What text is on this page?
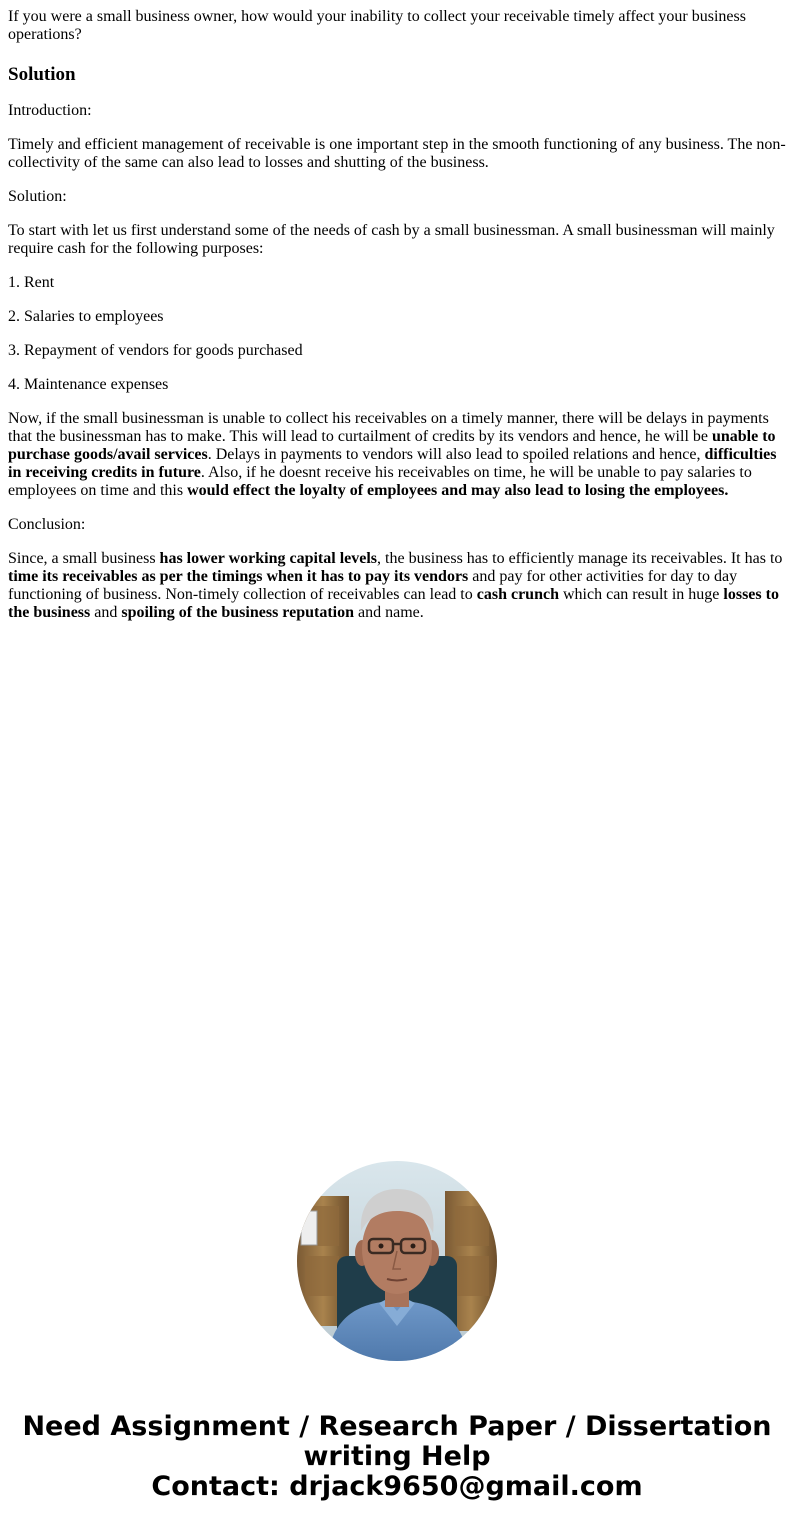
If you were a small business owner, how would your inability to collect your receivable timely affect your business operations?

Solution

Introduction:

Timely and efficient management of receivable is one important step in the smooth functioning of any business. The non-collectivity of the same can also lead to losses and shutting of the business.

Solution:

To start with let us first understand some of the needs of cash by a small businessman. A small businessman will mainly require cash for the following purposes:

1. Rent

2. Salaries to employees

3. Repayment of vendors for goods purchased

4. Maintenance expenses

Now, if the small businessman is unable to collect his receivables on a timely manner, there will be delays in payments that the businessman has to make. This will lead to curtailment of credits by its vendors and hence, he will be unable to purchase goods/avail services. Delays in payments to vendors will also lead to spoiled relations and hence, difficulties in receiving credits in future. Also, if he doesnt receive his receivables on time, he will be unable to pay salaries to employees on time and this would effect the loyalty of employees and may also lead to losing the employees.

Conclusion:

Since, a small business has lower working capital levels, the business has to efficiently manage its receivables. It has to time its receivables as per the timings when it has to pay its vendors and pay for other activities for day to day functioning of business. Non-timely collection of receivables can lead to cash crunch which can result in huge losses to the business and spoiling of the business reputation and name.

Need Assignment / Research Paper / Dissertation
writing Help
Contact: drjack9650@gmail.com
